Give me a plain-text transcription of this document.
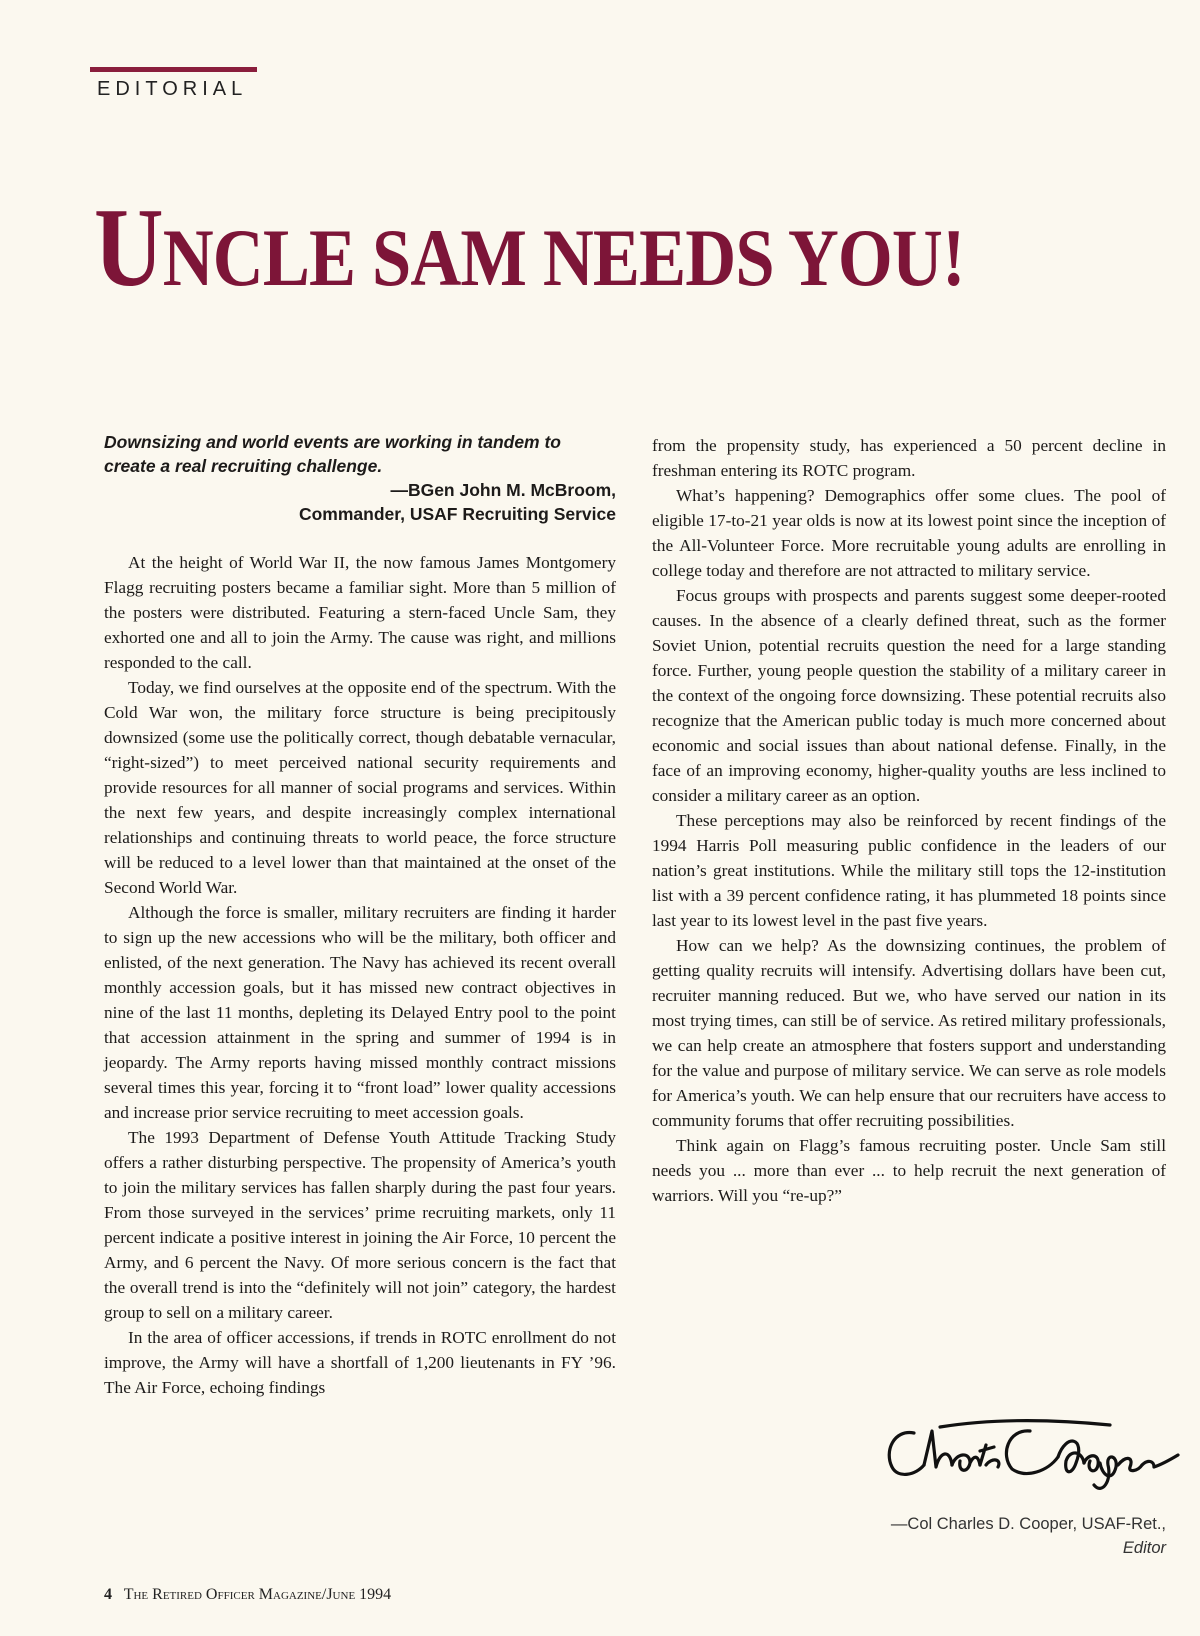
EDITORIAL
UNCLE SAM NEEDS YOU!
Downsizing and world events are working in tandem to create a real recruiting challenge.
—BGen John M. McBroom,
Commander, USAF Recruiting Service

At the height of World War II, the now famous James Montgomery Flagg recruiting posters became a familiar sight. More than 5 million of the posters were distributed. Featuring a stern-faced Uncle Sam, they exhorted one and all to join the Army. The cause was right, and millions responded to the call.

Today, we find ourselves at the opposite end of the spectrum. With the Cold War won, the military force structure is being precipitously downsized (some use the politically correct, though debatable vernacular, “right-sized”) to meet perceived national security requirements and provide resources for all manner of social programs and services. Within the next few years, and despite increasingly complex international relationships and continuing threats to world peace, the force structure will be reduced to a level lower than that maintained at the onset of the Second World War.

Although the force is smaller, military recruiters are finding it harder to sign up the new accessions who will be the military, both officer and enlisted, of the next generation. The Navy has achieved its recent overall monthly accession goals, but it has missed new contract objectives in nine of the last 11 months, depleting its Delayed Entry pool to the point that accession attainment in the spring and summer of 1994 is in jeopardy. The Army reports having missed monthly contract missions several times this year, forcing it to “front load” lower quality accessions and increase prior service recruiting to meet accession goals.

The 1993 Department of Defense Youth Attitude Tracking Study offers a rather disturbing perspective. The propensity of America’s youth to join the military services has fallen sharply during the past four years. From those surveyed in the services’ prime recruiting markets, only 11 percent indicate a positive interest in joining the Air Force, 10 percent the Army, and 6 percent the Navy. Of more serious concern is the fact that the overall trend is into the “definitely will not join” category, the hardest group to sell on a military career.

In the area of officer accessions, if trends in ROTC enrollment do not improve, the Army will have a shortfall of 1,200 lieutenants in FY ’96. The Air Force, echoing findings

from the propensity study, has experienced a 50 percent decline in freshman entering its ROTC program.

What’s happening? Demographics offer some clues. The pool of eligible 17-to-21 year olds is now at its lowest point since the inception of the All-Volunteer Force. More recruitable young adults are enrolling in college today and therefore are not attracted to military service.

Focus groups with prospects and parents suggest some deeper-rooted causes. In the absence of a clearly defined threat, such as the former Soviet Union, potential recruits question the need for a large standing force. Further, young people question the stability of a military career in the context of the ongoing force downsizing. These potential recruits also recognize that the American public today is much more concerned about economic and social issues than about national defense. Finally, in the face of an improving economy, higher-quality youths are less inclined to consider a military career as an option.

These perceptions may also be reinforced by recent findings of the 1994 Harris Poll measuring public confidence in the leaders of our nation’s great institutions. While the military still tops the 12-institution list with a 39 percent confidence rating, it has plummeted 18 points since last year to its lowest level in the past five years.

How can we help? As the downsizing continues, the problem of getting quality recruits will intensify. Advertising dollars have been cut, recruiter manning reduced. But we, who have served our nation in its most trying times, can still be of service. As retired military professionals, we can help create an atmosphere that fosters support and understanding for the value and purpose of military service. We can serve as role models for America’s youth. We can help ensure that our recruiters have access to community forums that offer recruiting possibilities.

Think again on Flagg’s famous recruiting poster. Uncle Sam still needs you ... more than ever ... to help recruit the next generation of warriors. Will you “re-up?”

—Col Charles D. Cooper, USAF-Ret.,
Editor
4 The Retired Officer Magazine/June 1994
